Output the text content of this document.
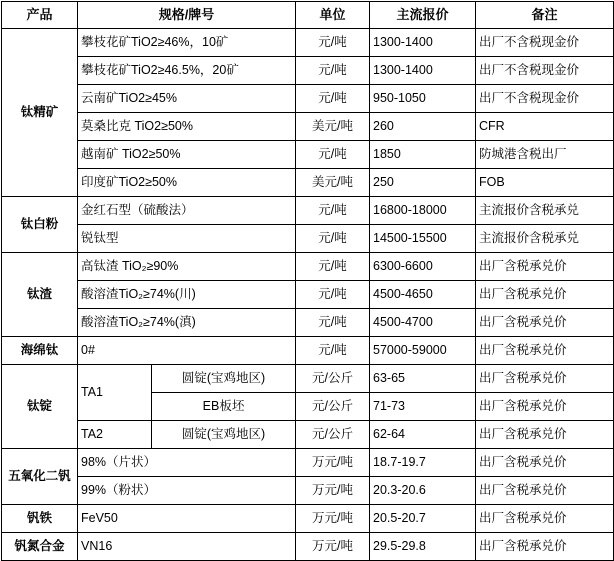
产品	规格/牌号		单位	主流报价	备注
钛精矿	攀枝花矿TiO2≥46%，10矿		元/吨	1300-1400	出厂不含税现金价
	攀枝花矿TiO2≥46.5%，20矿		元/吨	1300-1400	出厂不含税现金价
	云南矿TiO2≥45%		元/吨	950-1050	出厂不含税现金价
	莫桑比克 TiO2≥50%		美元/吨	260	CFR
	越南矿 TiO2≥50%		元/吨	1850	防城港含税出厂
	印度矿TiO2≥50%		美元/吨	250	FOB
钛白粉	金红石型（硫酸法）		元/吨	16800-18000	主流报价含税承兑
	锐钛型		元/吨	14500-15500	主流报价含税承兑
钛渣	高钛渣 TiO₂≥90%		元/吨	6300-6600	出厂含税承兑价
	酸溶渣TiO₂≥74%(川)		元/吨	4500-4650	出厂含税承兑价
	酸溶渣TiO₂≥74%(滇)		元/吨	4500-4700	出厂含税承兑价
海绵钛	0#		元/吨	57000-59000	出厂含税承兑价
钛锭	TA1	圆锭(宝鸡地区)	元/公斤	63-65	出厂含税承兑价
		EB板坯	元/公斤	71-73	出厂含税承兑价
	TA2	圆锭(宝鸡地区)	元/公斤	62-64	出厂含税承兑价
五氧化二钒	98%（片状）		万元/吨	18.7-19.7	出厂含税承兑价
	99%（粉状）		万元/吨	20.3-20.6	出厂含税承兑价
钒铁	FeV50		万元/吨	20.5-20.7	出厂含税承兑价
钒氮合金	VN16		万元/吨	29.5-29.8	出厂含税承兑价
